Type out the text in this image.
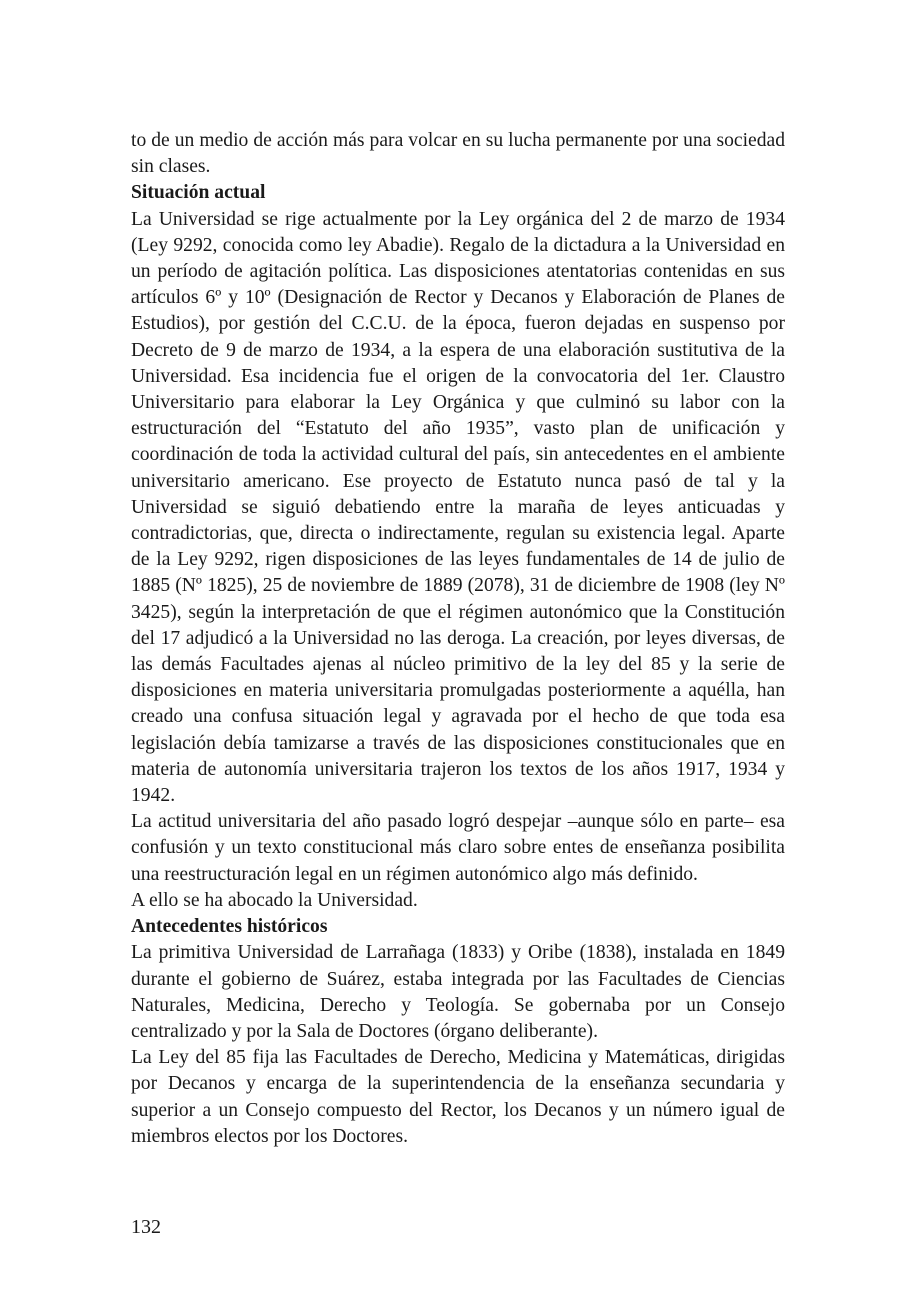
to de un medio de acción más para volcar en su lucha permanente por una sociedad sin clases.

Situación actual

La Universidad se rige actualmente por la Ley orgánica del 2 de marzo de 1934 (Ley 9292, conocida como ley Abadie). Regalo de la dictadura a la Universidad en un período de agitación política. Las disposiciones atentatorias contenidas en sus artículos 6º y 10º (Designación de Rector y Decanos y Elaboración de Planes de Estudios), por gestión del C.C.U. de la época, fueron dejadas en suspenso por Decreto de 9 de marzo de 1934, a la espera de una elaboración sustitutiva de la Universidad. Esa incidencia fue el origen de la convocatoria del 1er. Claustro Universitario para elaborar la Ley Orgánica y que culminó su labor con la estructuración del “Estatuto del año 1935”, vasto plan de unificación y coordinación de toda la actividad cultural del país, sin antecedentes en el ambiente universitario americano. Ese proyecto de Estatuto nunca pasó de tal y la Universidad se siguió debatiendo entre la maraña de leyes anticuadas y contradictorias, que, directa o indirectamente, regulan su existencia legal. Aparte de la Ley 9292, rigen disposiciones de las leyes fundamentales de 14 de julio de 1885 (Nº 1825), 25 de noviembre de 1889 (2078), 31 de diciembre de 1908 (ley Nº 3425), según la interpretación de que el régimen autonómico que la Constitución del 17 adjudicó a la Universidad no las deroga. La creación, por leyes diversas, de las demás Facultades ajenas al núcleo primitivo de la ley del 85 y la serie de disposiciones en materia universitaria promulgadas posteriormente a aquélla, han creado una confusa situación legal y agravada por el hecho de que toda esa legislación debía tamizarse a través de las disposiciones constitucionales que en materia de autonomía universitaria trajeron los textos de los años 1917, 1934 y 1942.

La actitud universitaria del año pasado logró despejar –aunque sólo en parte– esa confusión y un texto constitucional más claro sobre entes de enseñanza posibilita una reestructuración legal en un régimen autonómico algo más definido.

A ello se ha abocado la Universidad.

Antecedentes históricos

La primitiva Universidad de Larrañaga (1833) y Oribe (1838), instalada en 1849 durante el gobierno de Suárez, estaba integrada por las Facultades de Ciencias Naturales, Medicina, Derecho y Teología. Se gobernaba por un Consejo centralizado y por la Sala de Doctores (órgano deliberante).

La Ley del 85 fija las Facultades de Derecho, Medicina y Matemáticas, dirigidas por Decanos y encarga de la superintendencia de la enseñanza secundaria y superior a un Consejo compuesto del Rector, los Decanos y un número igual de miembros electos por los Doctores.

132
